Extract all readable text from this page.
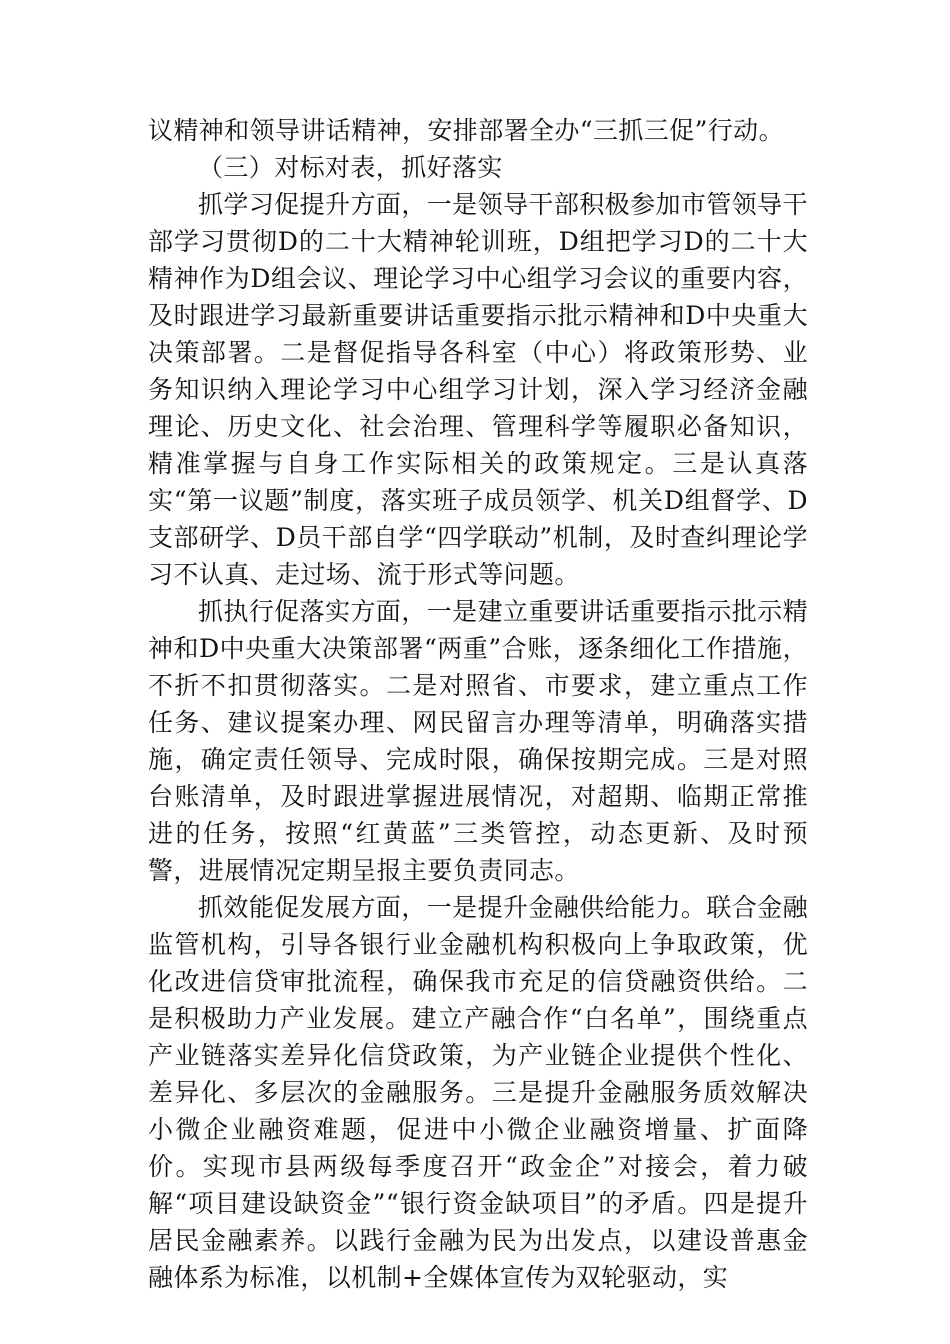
议精神和领导讲话精神，安排部署全办“三抓三促”行动。

（三）对标对表，抓好落实

抓学习促提升方面，一是领导干部积极参加市管领导干部学习贯彻D的二十大精神轮训班，D组把学习D的二十大精神作为D组会议、理论学习中心组学习会议的重要内容，及时跟进学习最新重要讲话重要指示批示精神和D中央重大决策部署。二是督促指导各科室（中心）将政策形势、业务知识纳入理论学习中心组学习计划，深入学习经济金融理论、历史文化、社会治理、管理科学等履职必备知识，精准掌握与自身工作实际相关的政策规定。三是认真落实“第一议题”制度，落实班子成员领学、机关D组督学、D支部研学、D员干部自学“四学联动”机制，及时查纠理论学习不认真、走过场、流于形式等问题。

抓执行促落实方面，一是建立重要讲话重要指示批示精神和D中央重大决策部署“两重”合账，逐条细化工作措施，不折不扣贯彻落实。二是对照省、市要求，建立重点工作任务、建议提案办理、网民留言办理等清单，明确落实措施，确定责任领导、完成时限，确保按期完成。三是对照台账清单，及时跟进掌握进展情况，对超期、临期正常推进的任务，按照“红黄蓝”三类管控，动态更新、及时预警，进展情况定期呈报主要负责同志。

抓效能促发展方面，一是提升金融供给能力。联合金融监管机构，引导各银行业金融机构积极向上争取政策，优化改进信贷审批流程，确保我市充足的信贷融资供给。二是积极助力产业发展。建立产融合作“白名单”，围绕重点产业链落实差异化信贷政策，为产业链企业提供个性化、差异化、多层次的金融服务。三是提升金融服务质效解决小微企业融资难题，促进中小微企业融资增量、扩面降价。实现市县两级每季度召开“政金企”对接会，着力破解“项目建设缺资金”“银行资金缺项目”的矛盾。四是提升居民金融素养。以践行金融为民为出发点，以建设普惠金融体系为标准，以机制+全媒体宣传为双轮驱动，实
